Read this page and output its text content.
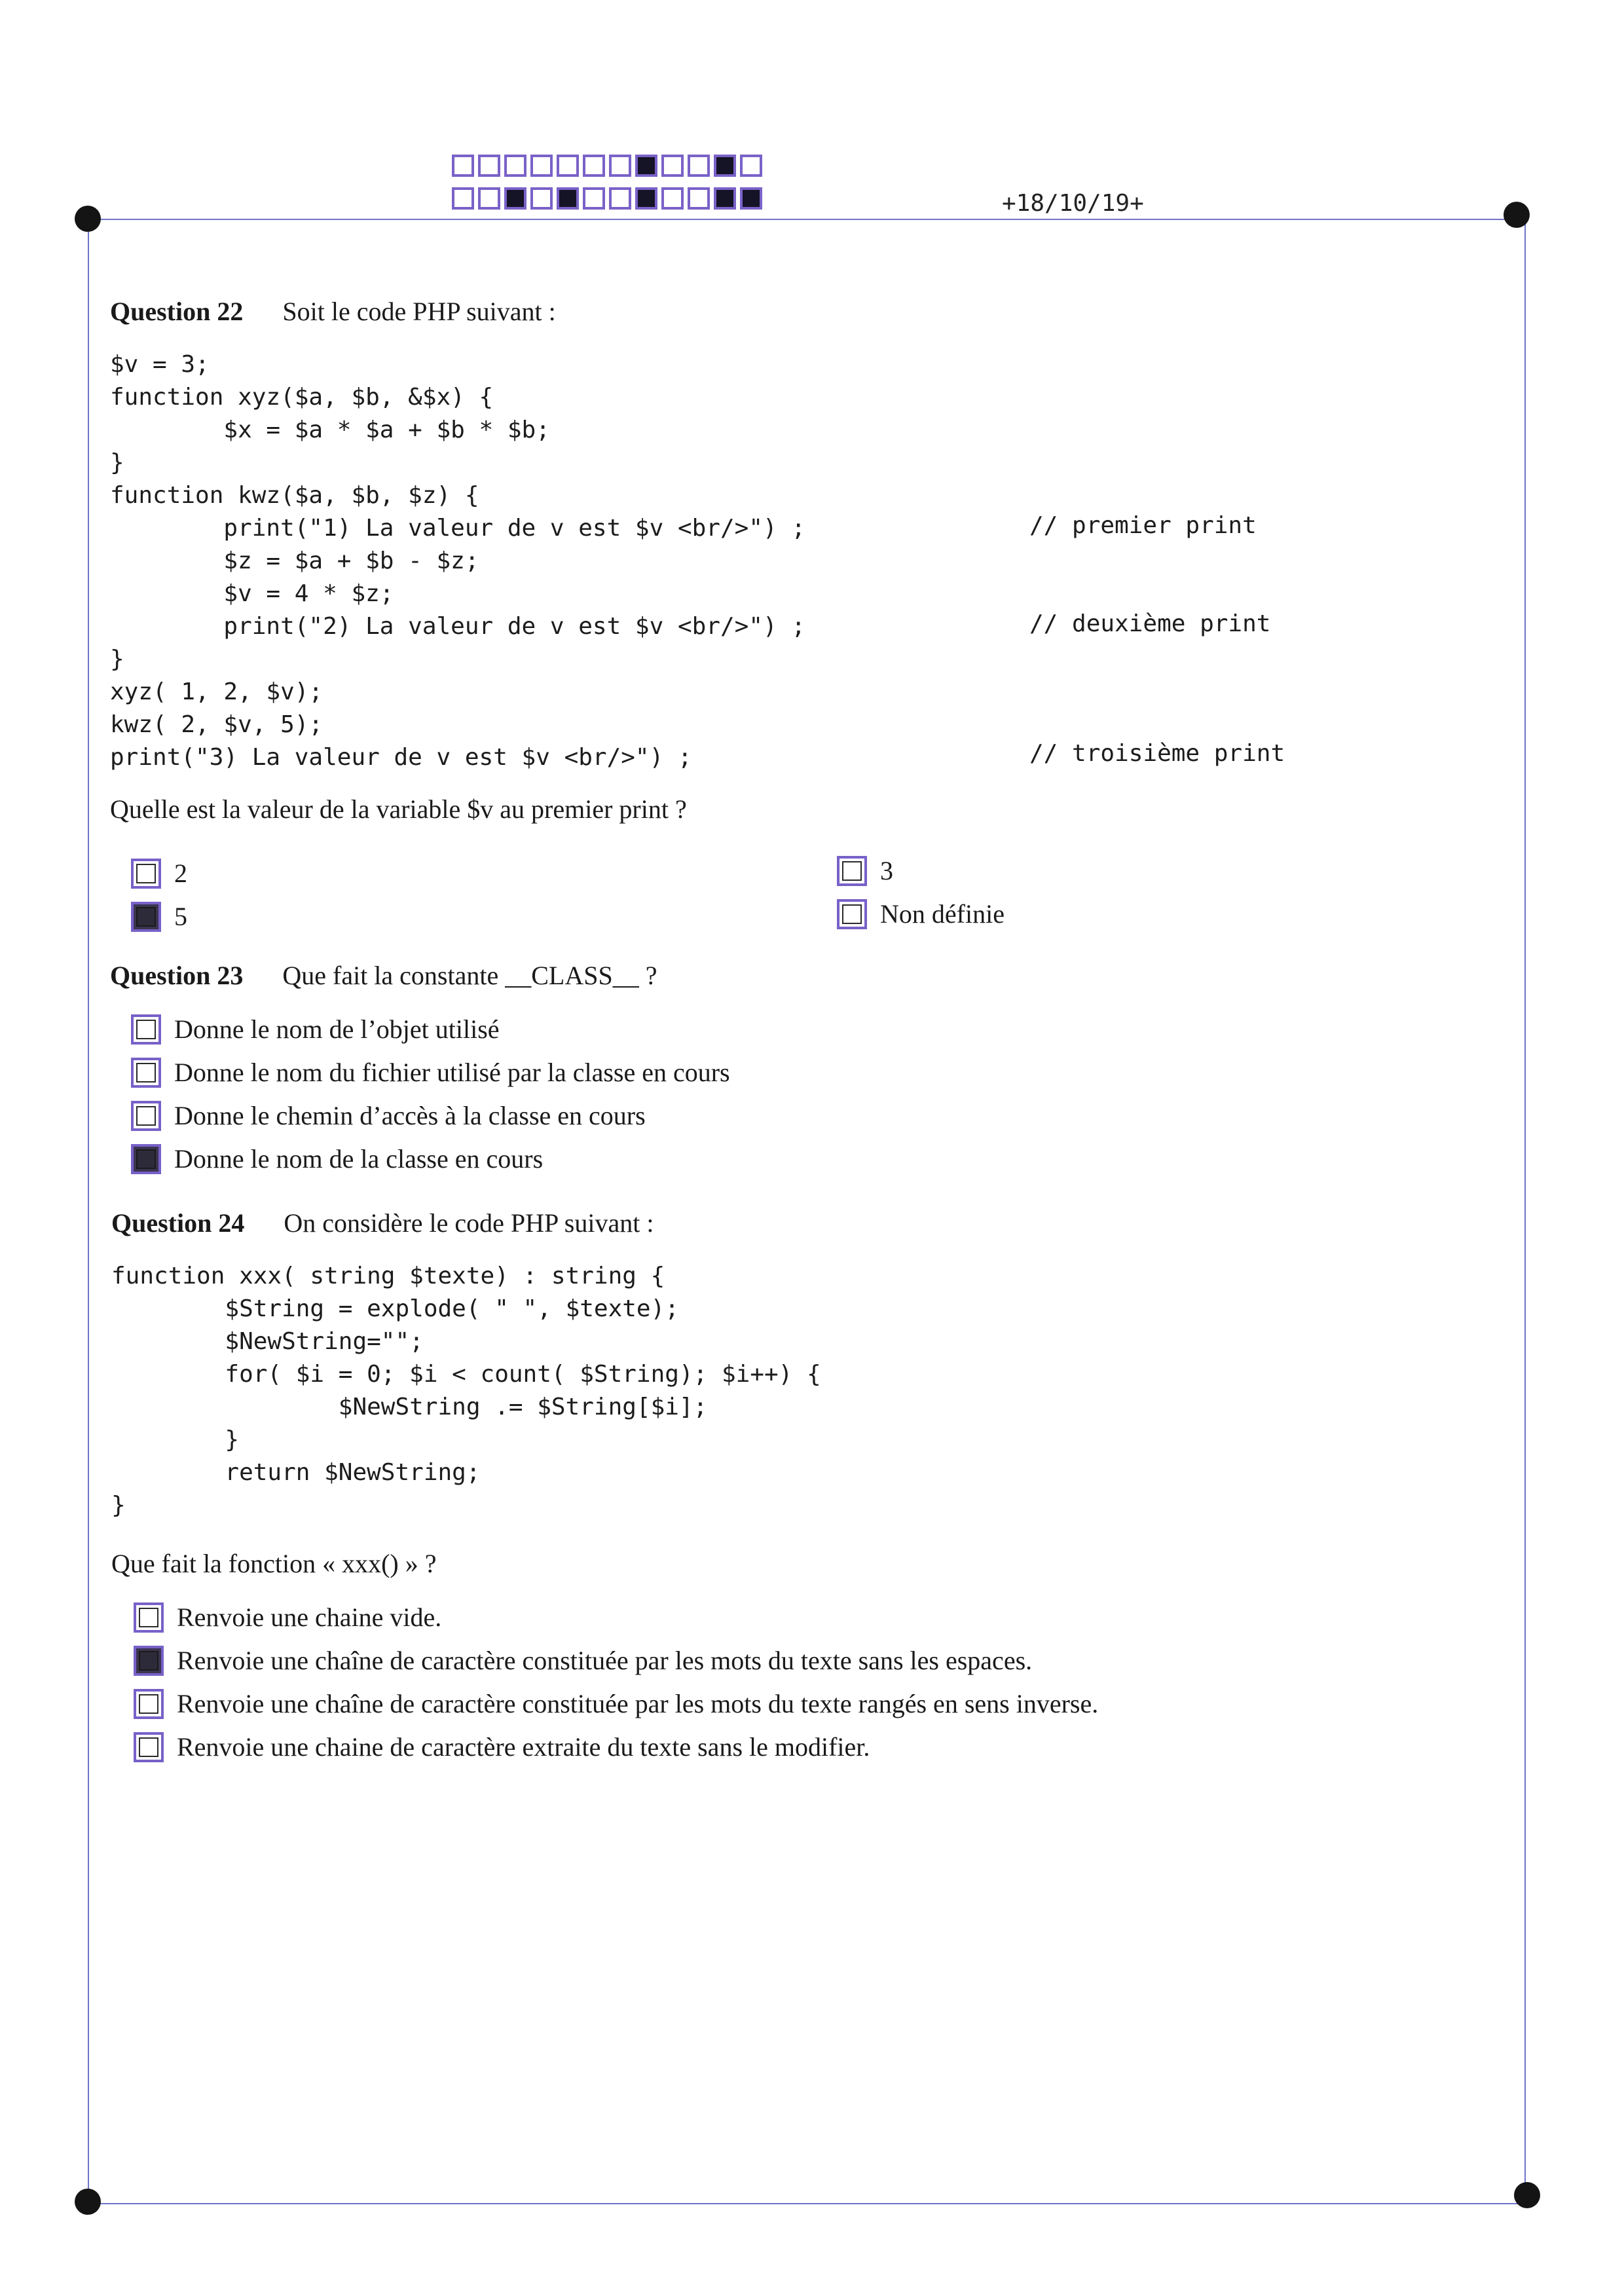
+18/10/19+
Question 22 Soit le code PHP suivant :
$v = 3;
function xyz($a, $b, &$x) {
$x = $a * $a + $b * $b;
}
function kwz($a, $b, $z) {
print("1) La valeur de v est $v <br/>") ;
$z = $a + $b - $z;
$v = 4 * $z;
print("2) La valeur de v est $v <br/>") ;
}
xyz( 1, 2, $v);
kwz( 2, $v, 5);
print("3) La valeur de v est $v <br/>") ;
// premier print
// deuxième print
// troisième print
Quelle est la valeur de la variable $v au premier print ?
2	3
5	Non définie
Question 23 Que fait la constante __CLASS__ ?
Donne le nom de l’objet utilisé
Donne le nom du fichier utilisé par la classe en cours
Donne le chemin d’accès à la classe en cours
Donne le nom de la classe en cours
Question 24 On considère le code PHP suivant :
function xxx( string $texte) : string {
$String = explode( " ", $texte);
$NewString="";
for( $i = 0; $i < count( $String); $i++) {
$NewString .= $String[$i];
}
return $NewString;
}
Que fait la fonction « xxx() » ?
Renvoie une chaine vide.
Renvoie une chaîne de caractère constituée par les mots du texte sans les espaces.
Renvoie une chaîne de caractère constituée par les mots du texte rangés en sens inverse.
Renvoie une chaine de caractère extraite du texte sans le modifier.
